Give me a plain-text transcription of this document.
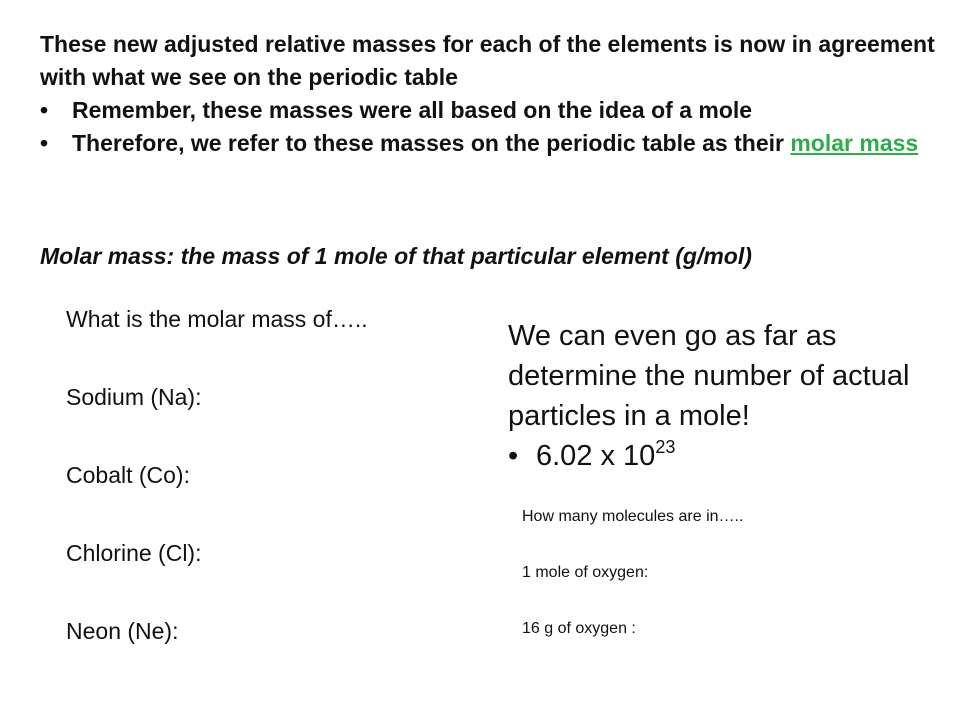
These new adjusted relative masses for each of the elements is now in agreement with what we see on the periodic table
•	Remember, these masses were all based on the idea of a mole
•	Therefore, we refer to these masses on the periodic table as their molar mass
Molar mass: the mass of 1 mole of that particular element (g/mol)
What is the molar mass of…..
Sodium (Na):
Cobalt (Co):
Chlorine (Cl):
Neon (Ne):
We can even go as far as determine the number of actual particles in a mole!
• 6.02 x $10^{23}$
How many molecules are in…..
1 mole of oxygen:
16 g of oxygen :
